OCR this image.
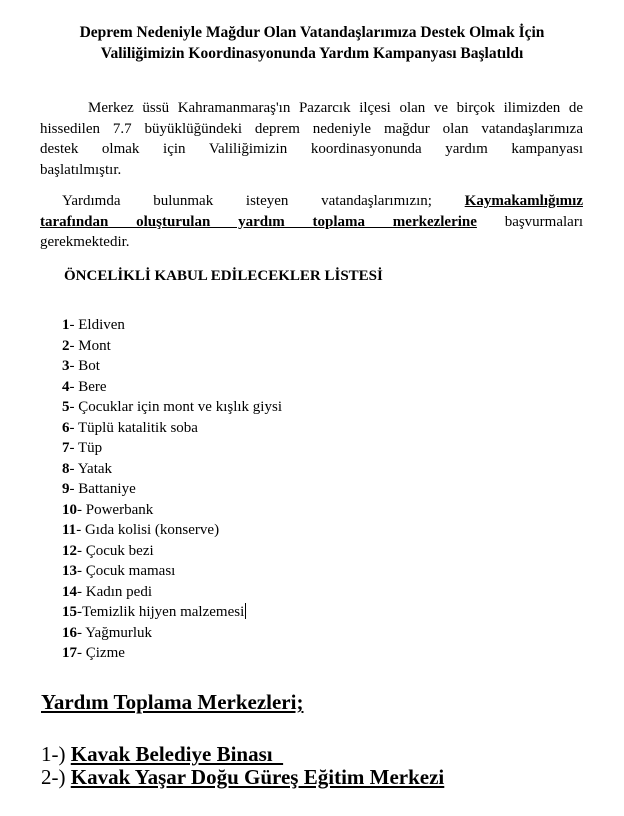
Deprem Nedeniyle Mağdur Olan Vatandaşlarımıza Destek Olmak İçin
Valiliğimizin Koordinasyonunda Yardım Kampanyası Başlatıldı
Merkez üssü Kahramanmaraş'ın Pazarcık ilçesi olan ve birçok ilimizden de
hissedilen 7.7 büyüklüğündeki deprem nedeniyle mağdur olan vatandaşlarımıza
destek olmak için Valiliğimizin koordinasyonunda yardım kampanyası
başlatılmıştır.
Yardımda bulunmak isteyen vatandaşlarımızın; Kaymakamlığımız
tarafından oluşturulan yardım toplama merkezlerine başvurmaları
gerekmektedir.
ÖNCELİKLİ KABUL EDİLECEKLER LİSTESİ
1- Eldiven
2- Mont
3- Bot
4- Bere
5- Çocuklar için mont ve kışlık giysi
6- Tüplü katalitik soba
7- Tüp
8- Yatak
9- Battaniye
10- Powerbank
11- Gıda kolisi (konserve)
12- Çocuk bezi
13- Çocuk maması
14- Kadın pedi
15-Temizlik hijyen malzemesi
16- Yağmurluk
17- Çizme
Yardım Toplama Merkezleri;
1-) Kavak Belediye Binası
2-) Kavak Yaşar Doğu Güreş Eğitim Merkezi
